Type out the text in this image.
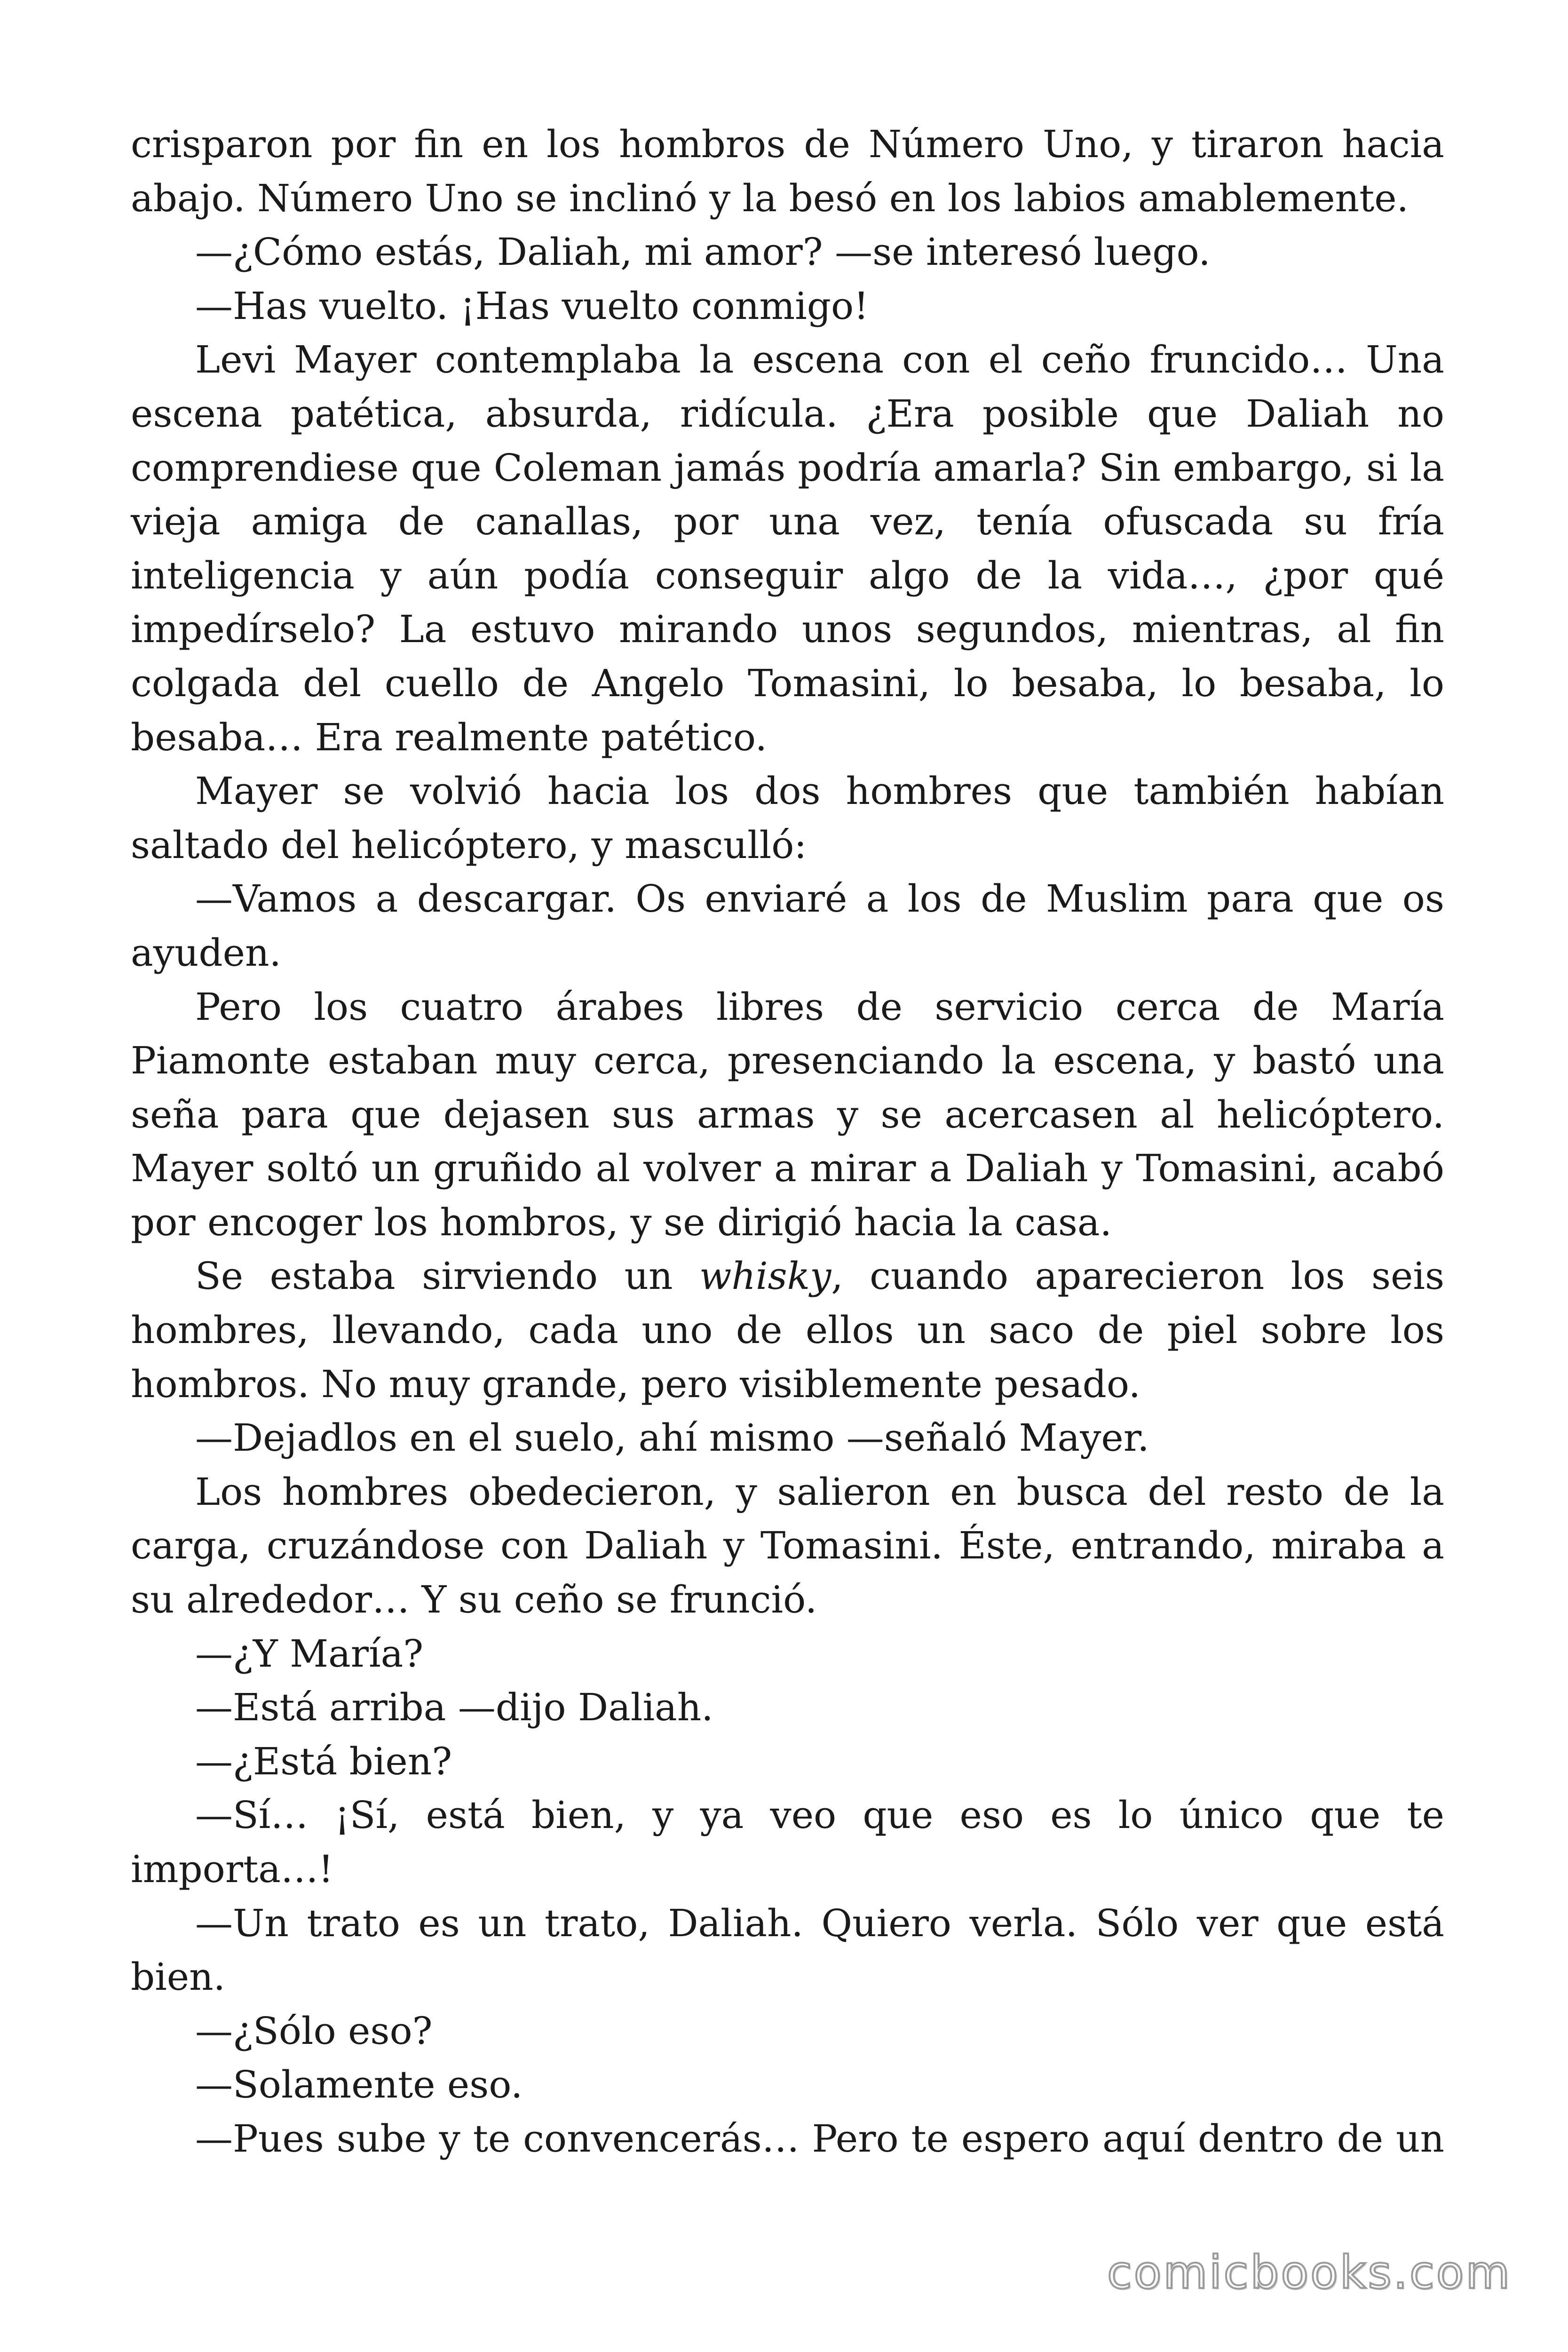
crisparon por fin en los hombros de Número Uno, y tiraron hacia abajo. Número Uno se inclinó y la besó en los labios amablemente.

—¿Cómo estás, Daliah, mi amor? —se interesó luego.

—Has vuelto. ¡Has vuelto conmigo!

Levi Mayer contemplaba la escena con el ceño fruncido… Una escena patética, absurda, ridícula. ¿Era posible que Daliah no comprendiese que Coleman jamás podría amarla? Sin embargo, si la vieja amiga de canallas, por una vez, tenía ofuscada su fría inteligencia y aún podía conseguir algo de la vida…, ¿por qué impedírselo? La estuvo mirando unos segundos, mientras, al fin colgada del cuello de Angelo Tomasini, lo besaba, lo besaba, lo besaba… Era realmente patético.

Mayer se volvió hacia los dos hombres que también habían saltado del helicóptero, y masculló:

—Vamos a descargar. Os enviaré a los de Muslim para que os ayuden.

Pero los cuatro árabes libres de servicio cerca de María Piamonte estaban muy cerca, presenciando la escena, y bastó una seña para que dejasen sus armas y se acercasen al helicóptero. Mayer soltó un gruñido al volver a mirar a Daliah y Tomasini, acabó por encoger los hombros, y se dirigió hacia la casa.

Se estaba sirviendo un whisky, cuando aparecieron los seis hombres, llevando, cada uno de ellos un saco de piel sobre los hombros. No muy grande, pero visiblemente pesado.

—Dejadlos en el suelo, ahí mismo —señaló Mayer.

Los hombres obedecieron, y salieron en busca del resto de la carga, cruzándose con Daliah y Tomasini. Éste, entrando, miraba a su alrededor… Y su ceño se frunció.

—¿Y María?

—Está arriba —dijo Daliah.

—¿Está bien?

—Sí… ¡Sí, está bien, y ya veo que eso es lo único que te importa…!

—Un trato es un trato, Daliah. Quiero verla. Sólo ver que está bien.

—¿Sólo eso?

—Solamente eso.

—Pues sube y te convencerás… Pero te espero aquí dentro de un

comicbooks.com
